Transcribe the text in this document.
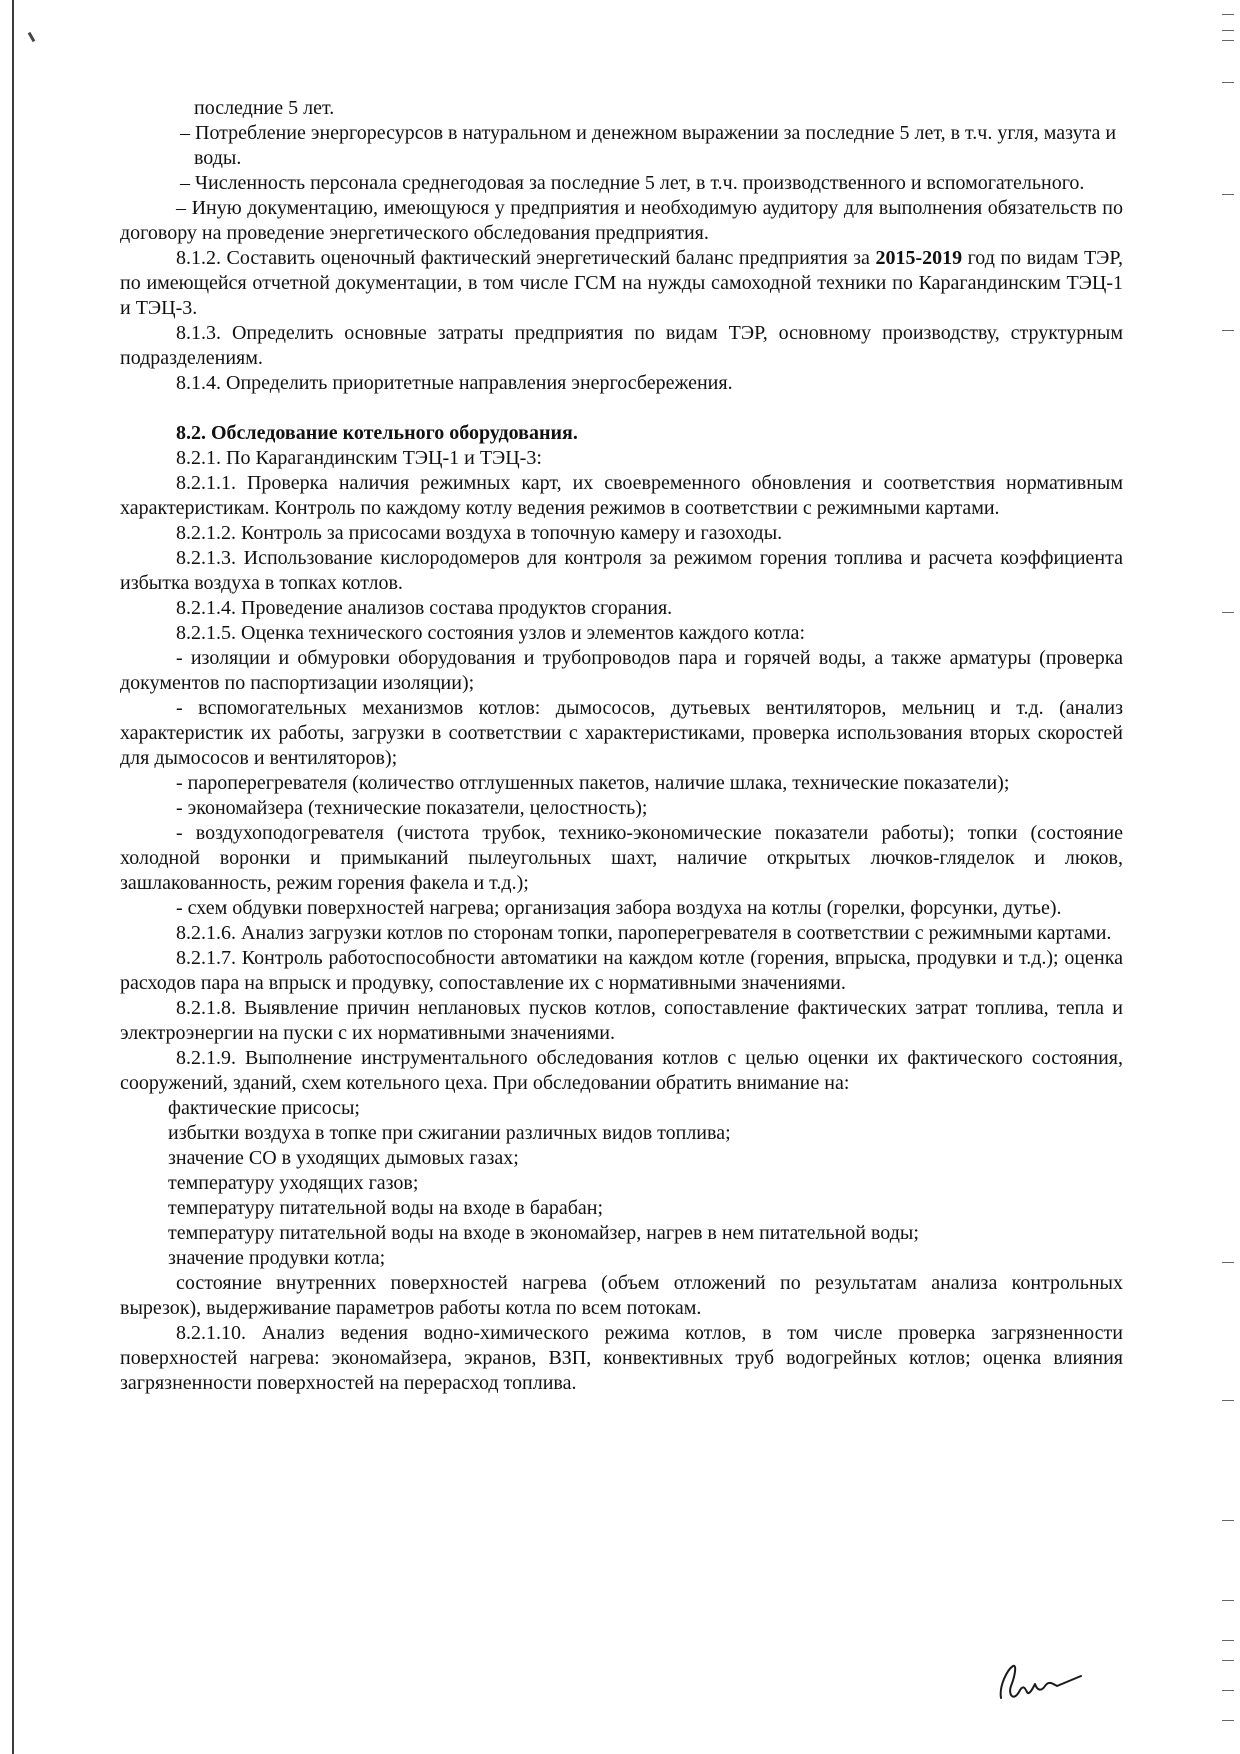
последние 5 лет.

– Потребление энергоресурсов в натуральном и денежном выражении за последние 5 лет, в т.ч. угля, мазута и воды.

– Численность персонала среднегодовая за последние 5 лет, в т.ч. производственного и вспомогательного.

– Иную документацию, имеющуюся у предприятия и необходимую аудитору для выполнения обязательств по договору на проведение энергетического обследования предприятия.

8.1.2. Составить оценочный фактический энергетический баланс предприятия за 2015-2019 год по видам ТЭР, по имеющейся отчетной документации, в том числе ГСМ на нужды самоходной техники по Карагандинским ТЭЦ-1 и ТЭЦ-3.

8.1.3. Определить основные затраты предприятия по видам ТЭР, основному производству, структурным подразделениям.

8.1.4. Определить приоритетные направления энергосбережения.

8.2. Обследование котельного оборудования.

8.2.1. По Карагандинским ТЭЦ-1 и ТЭЦ-3:

8.2.1.1. Проверка наличия режимных карт, их своевременного обновления и соответствия нормативным характеристикам. Контроль по каждому котлу ведения режимов в соответствии с режимными картами.

8.2.1.2. Контроль за присосами воздуха в топочную камеру и газоходы.

8.2.1.3. Использование кислородомеров для контроля за режимом горения топлива и расчета коэффициента избытка воздуха в топках котлов.

8.2.1.4. Проведение анализов состава продуктов сгорания.

8.2.1.5. Оценка технического состояния узлов и элементов каждого котла:

- изоляции и обмуровки оборудования и трубопроводов пара и горячей воды, а также арматуры (проверка документов по паспортизации изоляции);

- вспомогательных механизмов котлов: дымососов, дутьевых вентиляторов, мельниц и т.д. (анализ характеристик их работы, загрузки в соответствии с характеристиками, проверка использования вторых скоростей для дымососов и вентиляторов);

- пароперегревателя (количество отглушенных пакетов, наличие шлака, технические показатели);

- экономайзера (технические показатели, целостность);

- воздухоподогревателя (чистота трубок, технико-экономические показатели работы); топки (состояние холодной воронки и примыканий пылеугольных шахт, наличие открытых лючков-гляделок и люков, зашлакованность, режим горения факела и т.д.);

- схем обдувки поверхностей нагрева; организация забора воздуха на котлы (горелки, форсунки, дутье).

8.2.1.6. Анализ загрузки котлов по сторонам топки, пароперегревателя в соответствии с режимными картами.

8.2.1.7. Контроль работоспособности автоматики на каждом котле (горения, впрыска, продувки и т.д.); оценка расходов пара на впрыск и продувку, сопоставление их с нормативными значениями.

8.2.1.8. Выявление причин неплановых пусков котлов, сопоставление фактических затрат топлива, тепла и электроэнергии на пуски с их нормативными значениями.

8.2.1.9. Выполнение инструментального обследования котлов с целью оценки их фактического состояния, сооружений, зданий, схем котельного цеха. При обследовании обратить внимание на:

фактические присосы;

избытки воздуха в топке при сжигании различных видов топлива;

значение СО в уходящих дымовых газах;

температуру уходящих газов;

температуру питательной воды на входе в барабан;

температуру питательной воды на входе в экономайзер, нагрев в нем питательной воды;

значение продувки котла;

состояние внутренних поверхностей нагрева (объем отложений по результатам анализа контрольных вырезок), выдерживание параметров работы котла по всем потокам.

8.2.1.10. Анализ ведения водно-химического режима котлов, в том числе проверка загрязненности поверхностей нагрева: экономайзера, экранов, ВЗП, конвективных труб водогрейных котлов; оценка влияния загрязненности поверхностей на перерасход топлива.
